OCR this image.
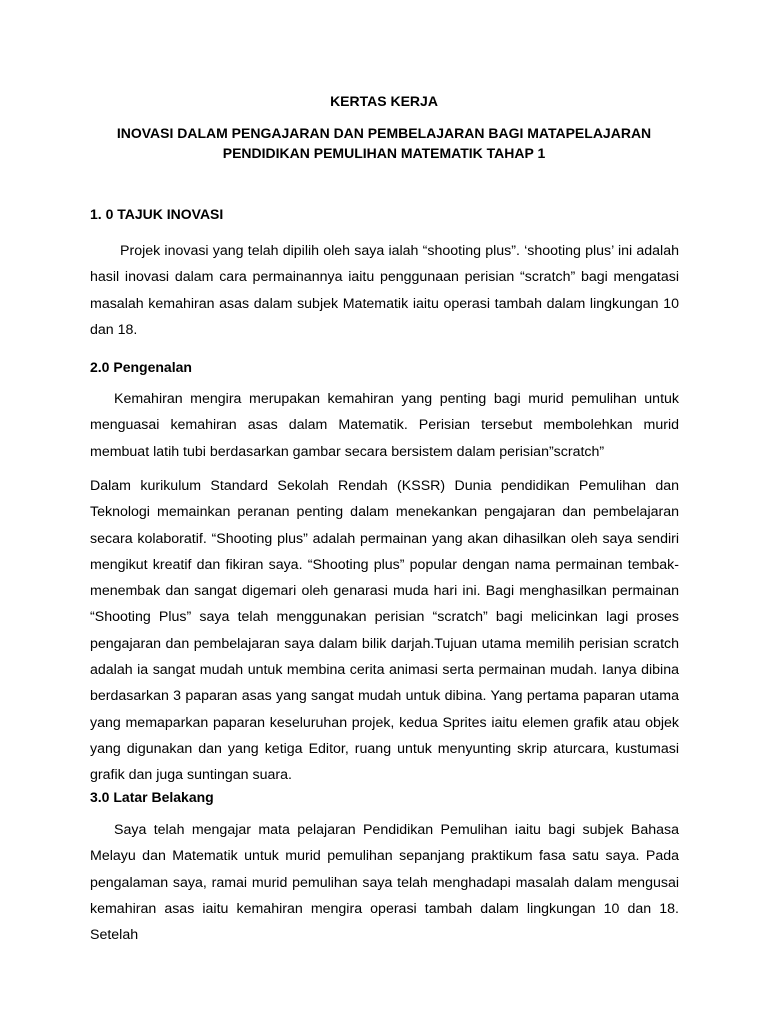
KERTAS KERJA

INOVASI DALAM PENGAJARAN DAN PEMBELAJARAN BAGI MATAPELAJARAN

PENDIDIKAN PEMULIHAN MATEMATIK TAHAP 1

1. 0 TAJUK INOVASI

Projek inovasi yang telah dipilih oleh saya ialah “shooting plus”. ‘shooting plus’ ini adalah hasil inovasi dalam cara permainannya iaitu penggunaan perisian “scratch” bagi mengatasi masalah kemahiran asas dalam subjek Matematik iaitu operasi tambah dalam lingkungan 10 dan 18.

2.0 Pengenalan

Kemahiran mengira merupakan kemahiran yang penting bagi murid pemulihan untuk menguasai kemahiran asas dalam Matematik. Perisian tersebut membolehkan murid membuat latih tubi berdasarkan gambar secara bersistem dalam perisian”scratch”

Dalam kurikulum Standard Sekolah Rendah (KSSR) Dunia pendidikan Pemulihan dan Teknologi memainkan peranan penting dalam menekankan pengajaran dan pembelajaran secara kolaboratif. “Shooting plus” adalah permainan yang akan dihasilkan oleh saya sendiri mengikut kreatif dan fikiran saya. “Shooting plus” popular dengan nama permainan tembak-menembak dan sangat digemari oleh genarasi muda hari ini. Bagi menghasilkan permainan “Shooting Plus” saya telah menggunakan perisian “scratch” bagi melicinkan lagi proses pengajaran dan pembelajaran saya dalam bilik darjah.Tujuan utama memilih perisian scratch adalah ia sangat mudah untuk membina cerita animasi serta permainan mudah. Ianya dibina berdasarkan 3 paparan asas yang sangat mudah untuk dibina. Yang pertama paparan utama yang memaparkan paparan keseluruhan projek, kedua Sprites iaitu elemen grafik atau objek yang digunakan dan yang ketiga Editor, ruang untuk menyunting skrip aturcara, kustumasi grafik dan juga suntingan suara.

3.0 Latar Belakang

Saya telah mengajar mata pelajaran Pendidikan Pemulihan iaitu bagi subjek Bahasa Melayu dan Matematik untuk murid pemulihan sepanjang praktikum fasa satu saya. Pada pengalaman saya, ramai murid pemulihan saya telah menghadapi masalah dalam mengusai kemahiran asas iaitu kemahiran mengira operasi tambah dalam lingkungan 10 dan 18. Setelah
